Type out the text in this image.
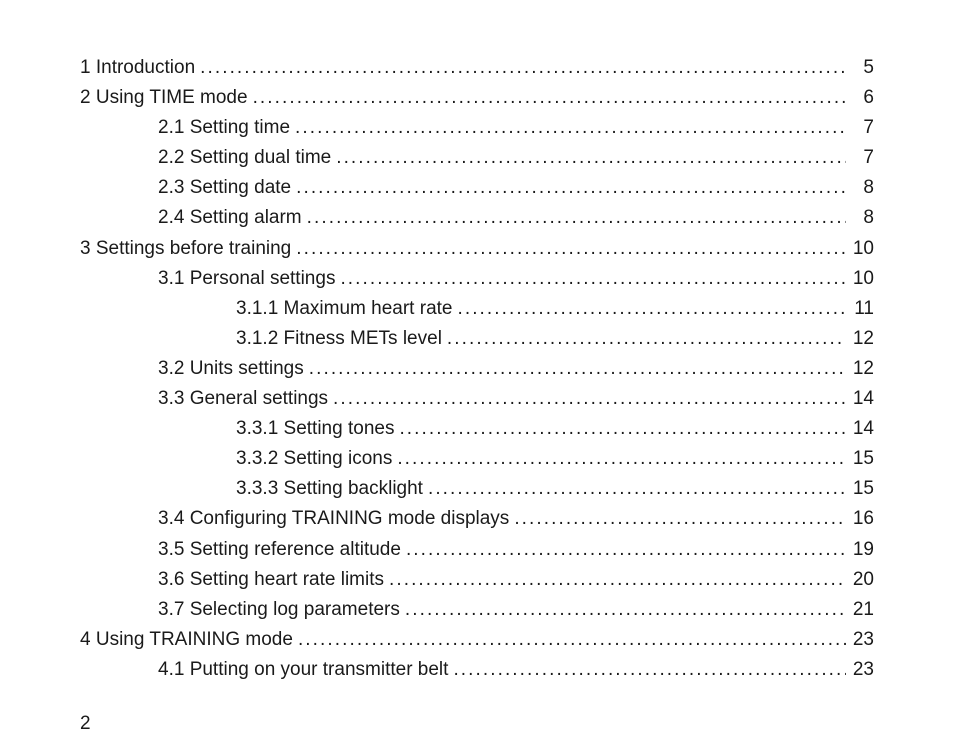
1 Introduction . . .	5
2 Using TIME mode . . .	6
2.1 Setting time . . .	7
2.2 Setting dual time . . .	7
2.3 Setting date . . .	8
2.4 Setting alarm . . .	8
3 Settings before training . . .	10
3.1 Personal settings . . .	10
3.1.1 Maximum heart rate . . .	11
3.1.2 Fitness METs level . . .	12
3.2 Units settings . . .	12
3.3 General settings . . .	14
3.3.1 Setting tones . . .	14
3.3.2 Setting icons . . .	15
3.3.3 Setting backlight . . .	15
3.4 Configuring TRAINING mode displays . . .	16
3.5 Setting reference altitude . . .	19
3.6 Setting heart rate limits . . .	20
3.7 Selecting log parameters . . .	21
4 Using TRAINING mode . . .	23
4.1 Putting on your transmitter belt . . .	23
2
